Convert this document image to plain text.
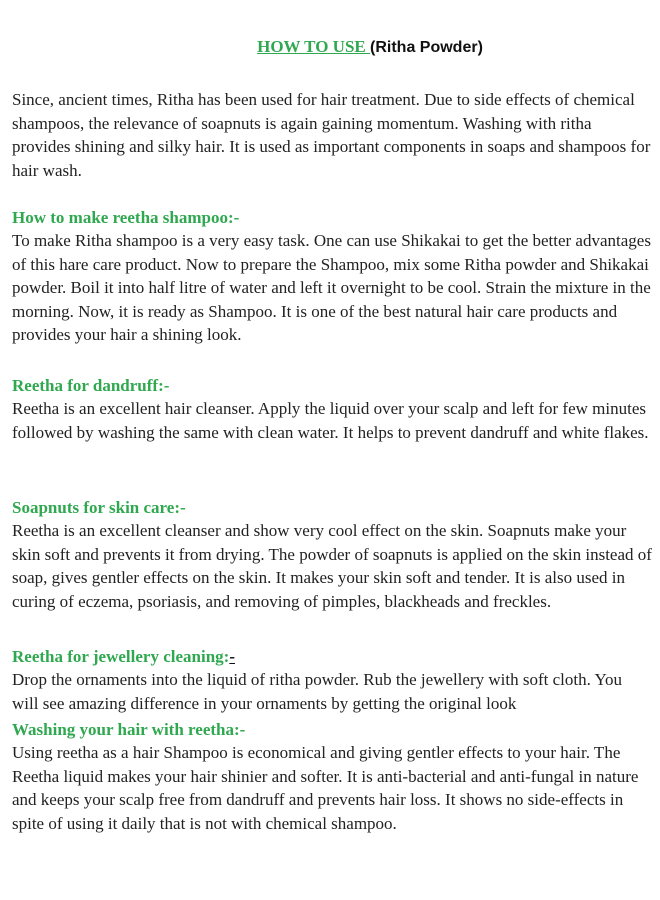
HOW TO USE (Ritha Powder)

Since, ancient times, Ritha has been used for hair treatment. Due to side effects of chemical shampoos, the relevance of soapnuts is again gaining momentum. Washing with ritha provides shining and silky hair. It is used as important components in soaps and shampoos for hair wash.

How to make reetha shampoo:-

To make Ritha shampoo is a very easy task. One can use Shikakai to get the better advantages of this hare care product. Now to prepare the Shampoo, mix some Ritha powder and Shikakai powder. Boil it into half litre of water and left it overnight to be cool. Strain the mixture in the morning. Now, it is ready as Shampoo. It is one of the best natural hair care products and provides your hair a shining look.

Reetha for dandruff:-

Reetha is an excellent hair cleanser. Apply the liquid over your scalp and left for few minutes followed by washing the same with clean water. It helps to prevent dandruff and white flakes.

Soapnuts for skin care:-

Reetha is an excellent cleanser and show very cool effect on the skin. Soapnuts make your skin soft and prevents it from drying. The powder of soapnuts is applied on the skin instead of soap, gives gentler effects on the skin. It makes your skin soft and tender. It is also used in curing of eczema, psoriasis, and removing of pimples, blackheads and freckles.

Reetha for jewellery cleaning:-

Drop the ornaments into the liquid of ritha powder. Rub the jewellery with soft cloth. You will see amazing difference in your ornaments by getting the original look

Washing your hair with reetha:-

Using reetha as a hair Shampoo is economical and giving gentler effects to your hair. The Reetha liquid makes your hair shinier and softer. It is anti-bacterial and anti-fungal in nature and keeps your scalp free from dandruff and prevents hair loss. It shows no side-effects in spite of using it daily that is not with chemical shampoo.
